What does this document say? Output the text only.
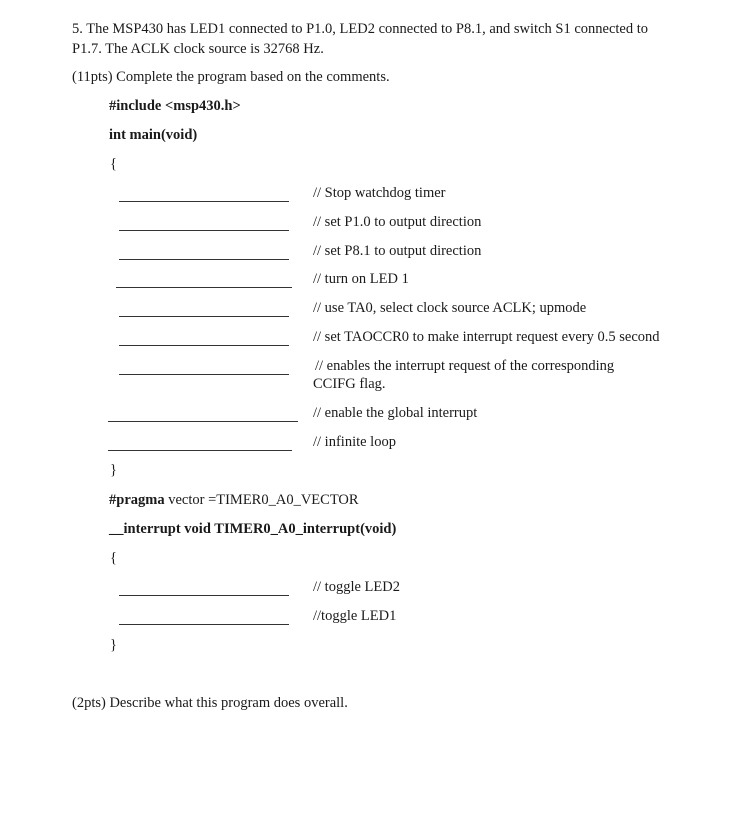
5. The MSP430 has LED1 connected to P1.0, LED2 connected to P8.1, and switch S1 connected to
P1.7. The ACLK clock source is 32768 Hz.
(11pts) Complete the program based on the comments.
#include <msp430.h>
int main(void)
{
// Stop watchdog timer
// set P1.0 to output direction
// set P8.1 to output direction
// turn on LED 1
// use TA0, select clock source ACLK; upmode
// set TAOCCR0 to make interrupt request every 0.5 second
// enables the interrupt request of the corresponding
CCIFG flag.
// enable the global interrupt
// infinite loop
}
#pragma vector =TIMER0_A0_VECTOR
__interrupt void TIMER0_A0_interrupt(void)
{
// toggle LED2
//toggle LED1
}
(2pts) Describe what this program does overall.
